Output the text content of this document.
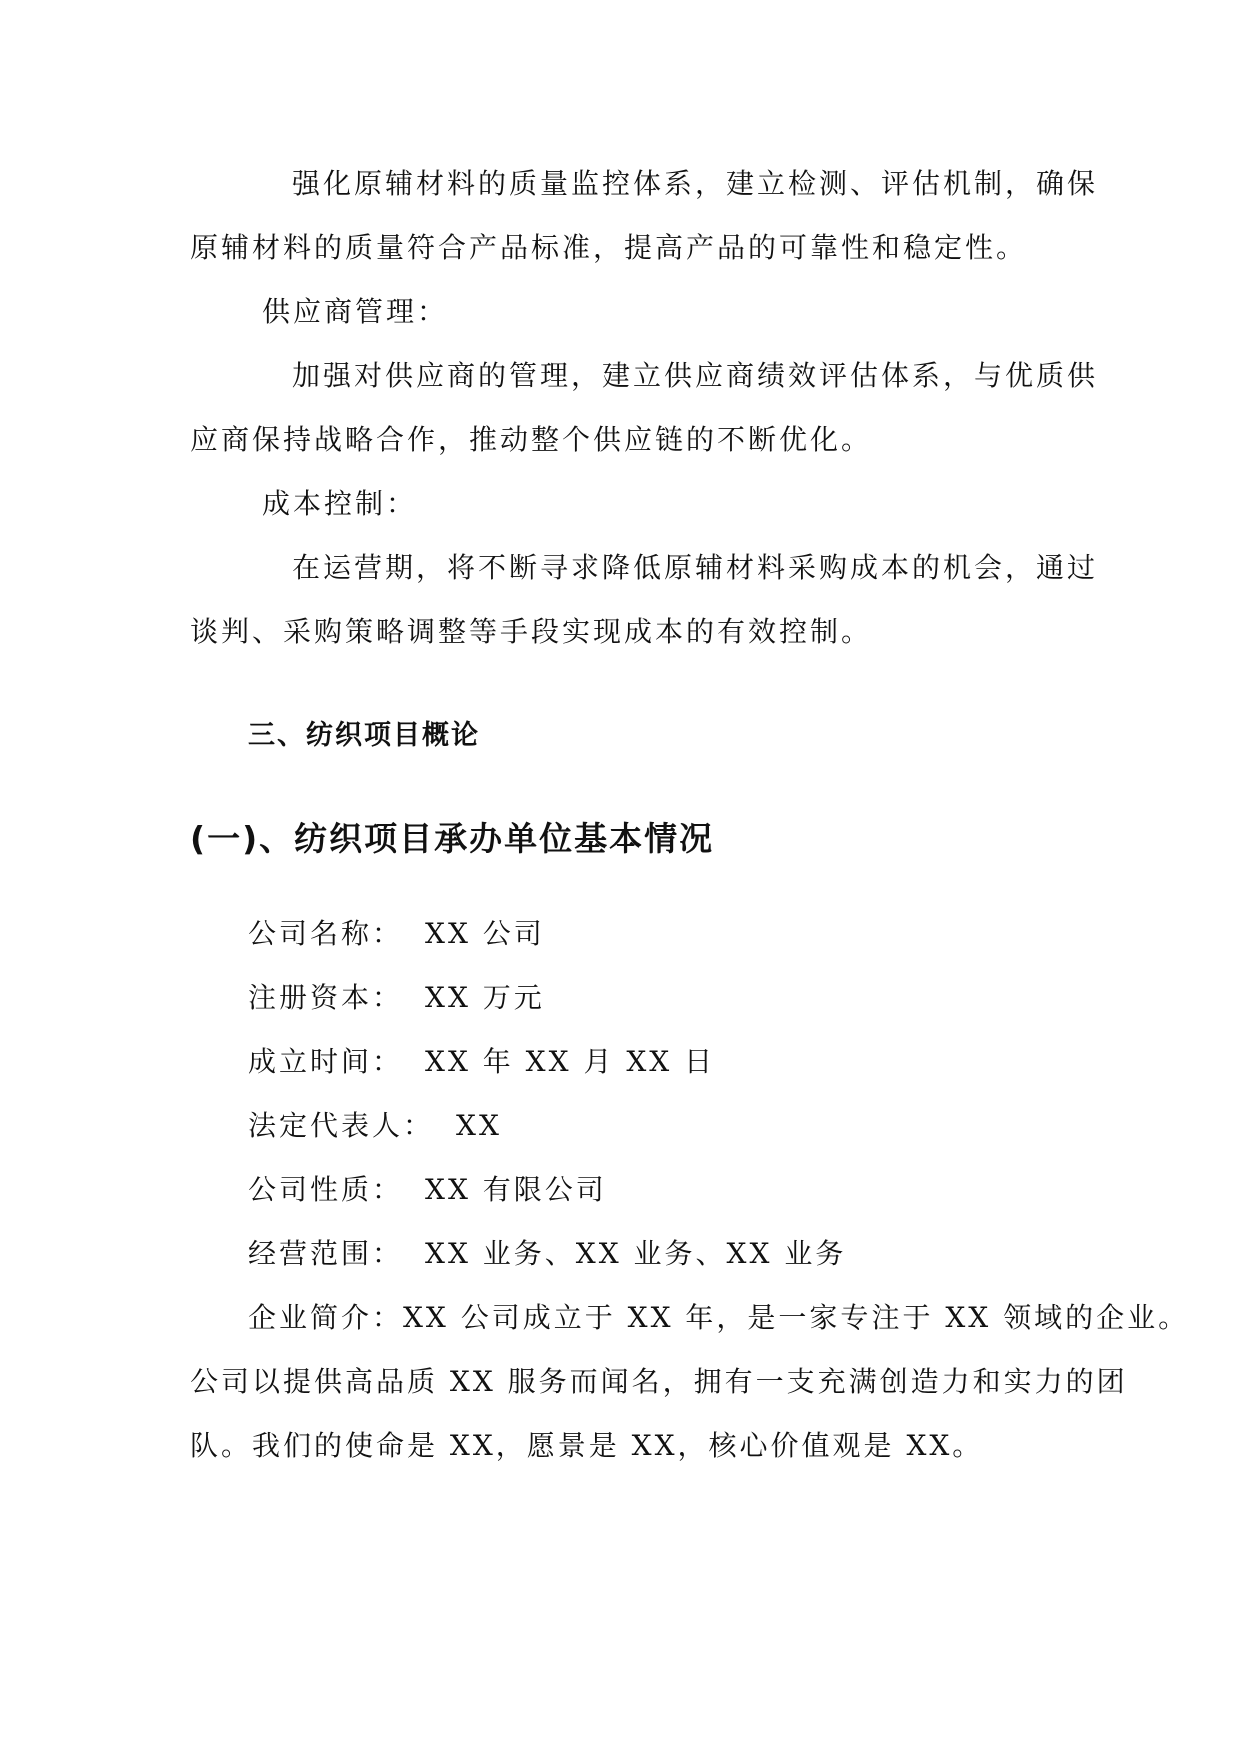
强化原辅材料的质量监控体系，建立检测、评估机制，确保
原辅材料的质量符合产品标准，提高产品的可靠性和稳定性。
供应商管理：
加强对供应商的管理，建立供应商绩效评估体系，与优质供
应商保持战略合作，推动整个供应链的不断优化。
成本控制：
在运营期，将不断寻求降低原辅材料采购成本的机会，通过
谈判、采购策略调整等手段实现成本的有效控制。
三、纺织项目概论
(一)、纺织项目承办单位基本情况
公司名称： XX 公司
注册资本： XX 万元
成立时间： XX 年 XX 月 XX 日
法定代表人： XX
公司性质： XX 有限公司
经营范围： XX 业务、XX 业务、XX 业务
企业简介：XX 公司成立于 XX 年，是一家专注于 XX 领域的企业。
公司以提供高品质 XX 服务而闻名，拥有一支充满创造力和实力的团
队。我们的使命是 XX，愿景是 XX，核心价值观是 XX。
